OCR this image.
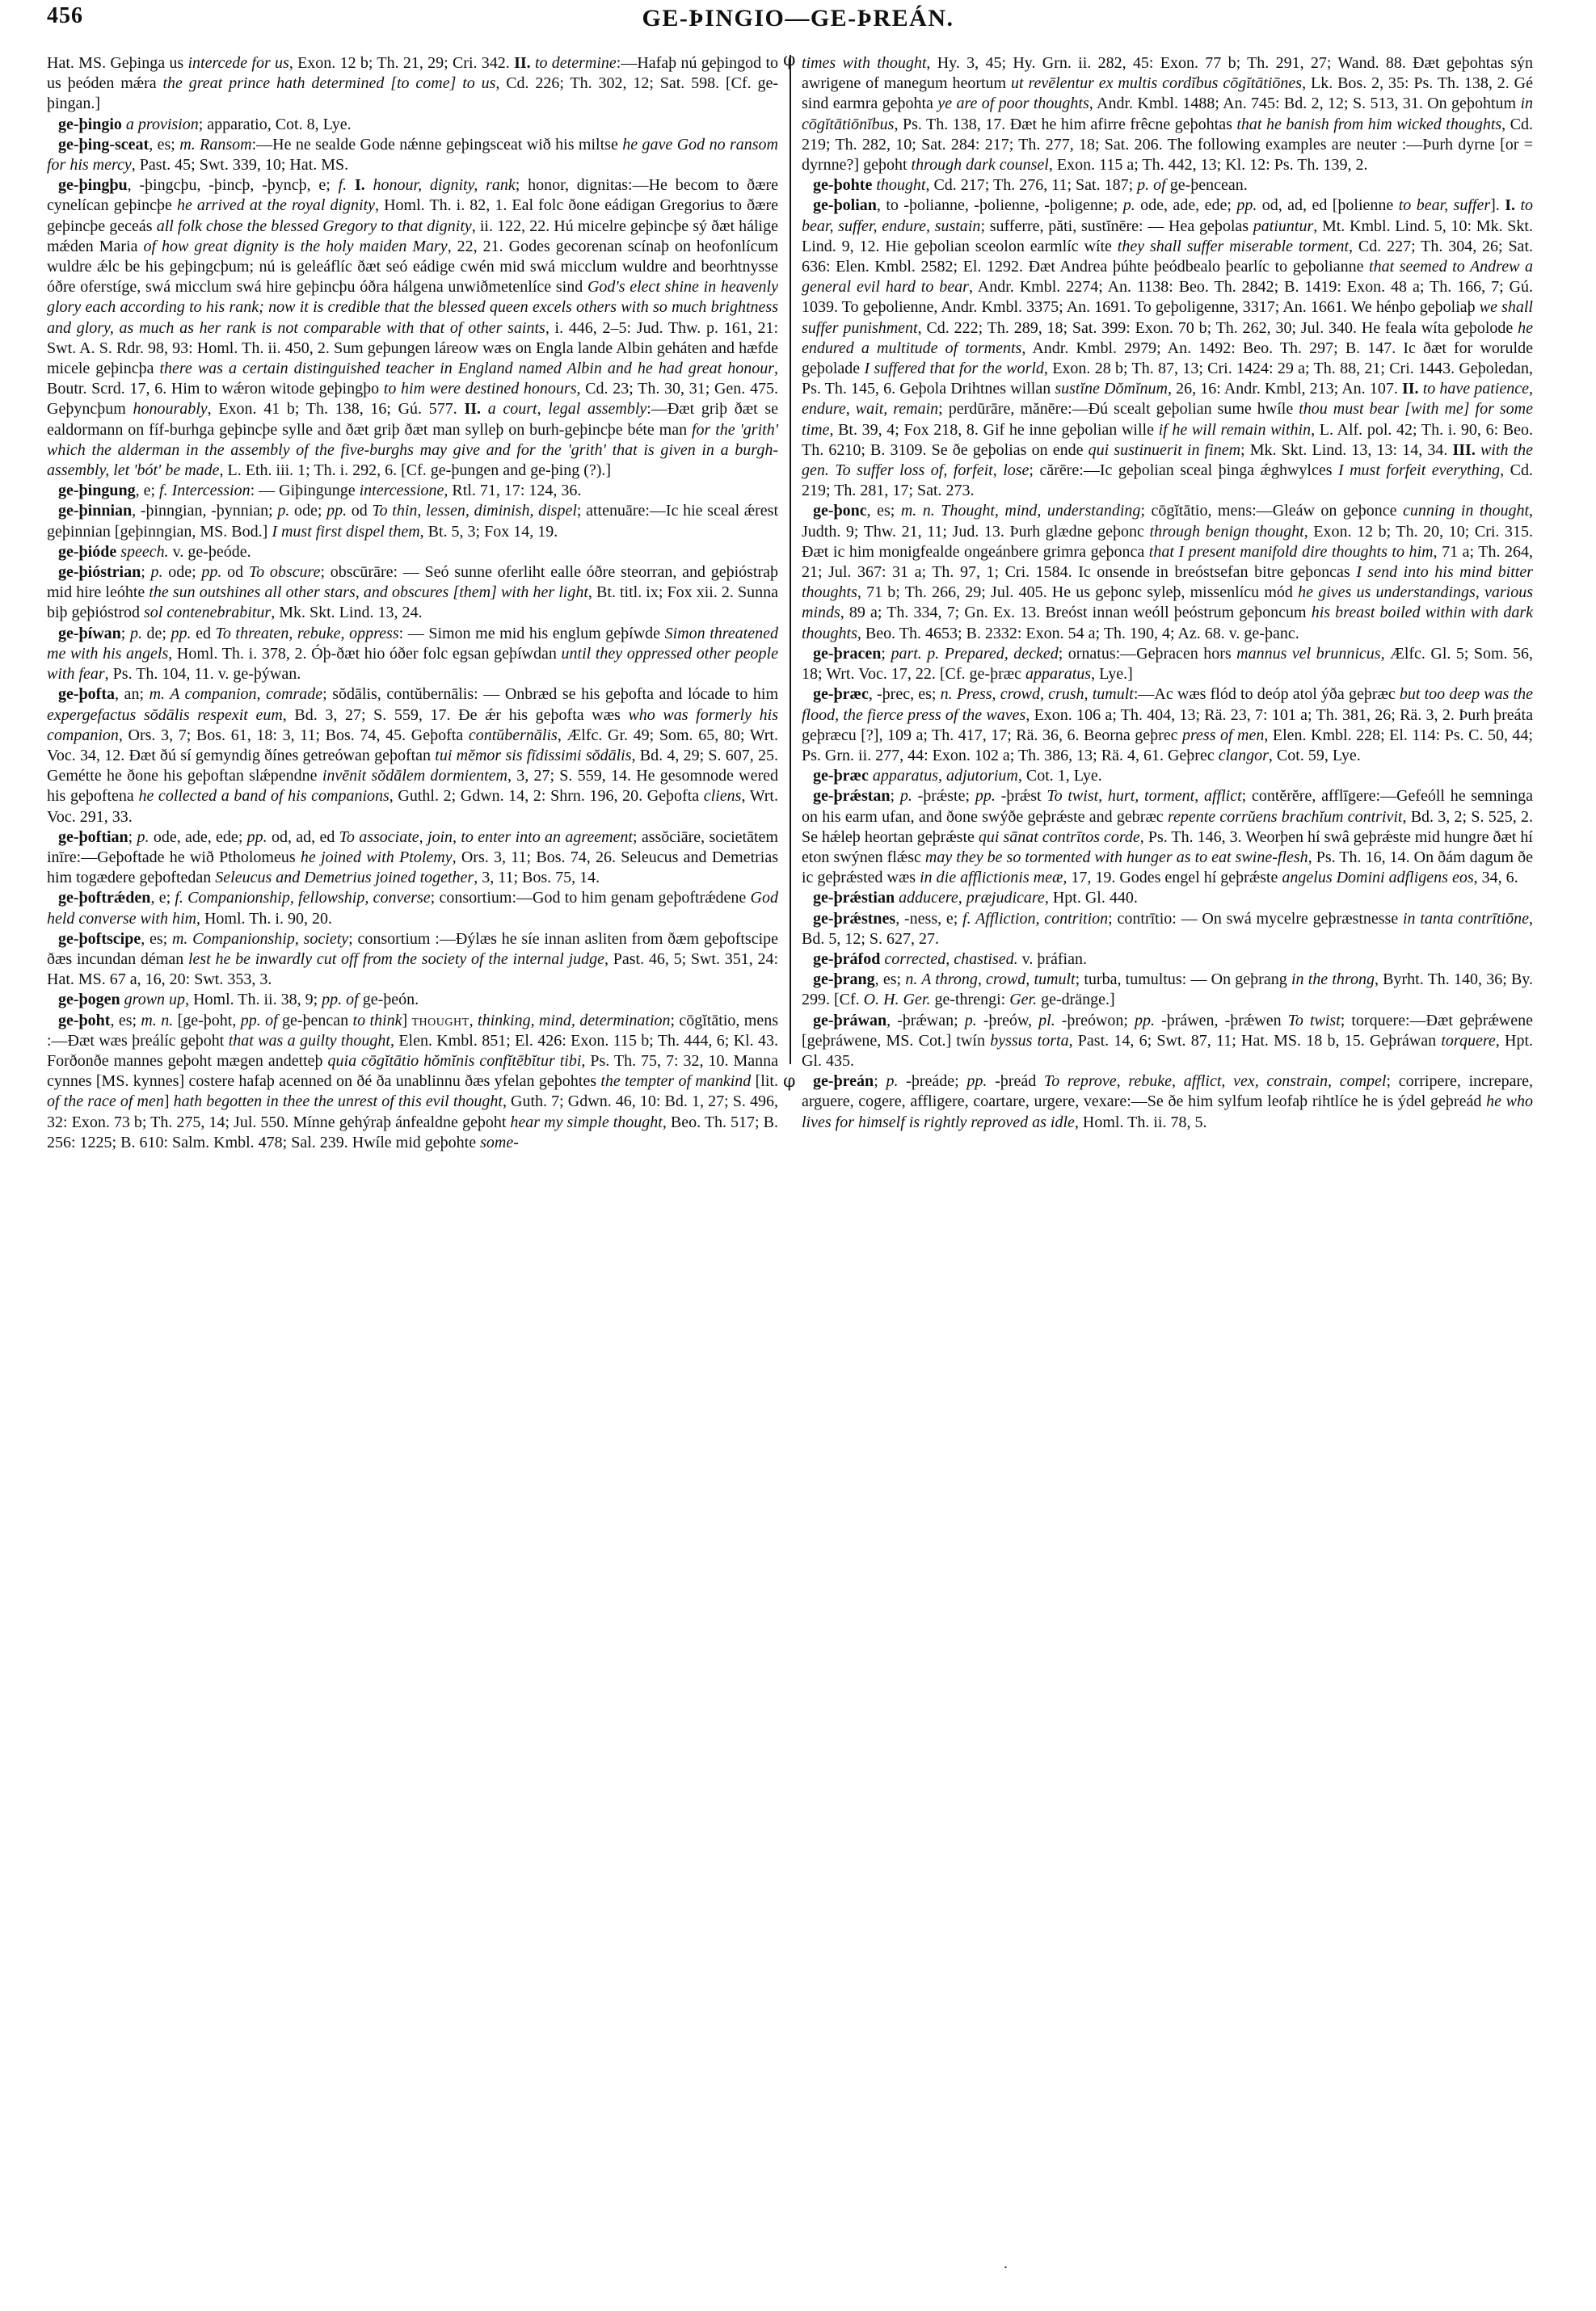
456	GE-ÞINGIO—GE-ÞREÁN.

Hat. MS. Geþinga us intercede for us, Exon. 12 b; Th. 21, 29; Cri. 342. II. to determine:—Hafaþ nú geþingod to us þeóden mǽra the great prince hath determined [to come] to us, Cd. 226; Th. 302, 12; Sat. 598. [Cf. ge-þingan.]

ge-þingio a provision; apparatio, Cot. 8, Lye.

ge-þing-sceat, es; m. Ransom:—He ne sealde Gode nǽnne geþingsceat wið his miltse he gave God no ransom for his mercy, Past. 45; Swt. 339, 10; Hat. MS.

ge-þingþu, -þingcþu, -þincþ, -þyncþ, e; f. I. honour, dignity, rank; honor, dignitas:—He becom to ðære cynelícan geþincþe he arrived at the royal dignity, Homl. Th. i. 82, 1. Eal folc ðone eádigan Gregorius to ðære geþincþe geceás all folk chose the blessed Gregory to that dignity, ii. 122, 22. Hú micelre geþincþe sý ðæt hálige mǽden Maria of how great dignity is the holy maiden Mary, 22, 21. Godes gecorenan scínaþ on heofonlícum wuldre ǽlc be his geþingcþum; nú is geleáflíc ðæt seó eádige cwén mid swá micclum wuldre and beorhtnysse óðre oferstíge, swá micclum swá hire geþincþu óðra hálgena unwiðmetenlíce sind God's elect shine in heavenly glory each according to his rank; now it is credible that the blessed queen excels others with so much brightness and glory, as much as her rank is not comparable with that of other saints, i. 446, 2–5: Jud. Thw. p. 161, 21: Swt. A. S. Rdr. 98, 93: Homl. Th. ii. 450, 2. Sum geþungen láreow wæs on Engla lande Albin geháten and hæfde micele geþincþa there was a certain distinguished teacher in England named Albin and he had great honour, Boutr. Scrd. 17, 6. Him to wǽron witode geþingþo to him were destined honours, Cd. 23; Th. 30, 31; Gen. 475. Geþyncþum honourably, Exon. 41 b; Th. 138, 16; Gú. 577. II. a court, legal assembly:—Ðæt griþ ðæt se ealdormann on fíf-burhga geþincþe sylle and ðæt griþ ðæt man sylleþ on burh-geþincþe béte man for the 'grith' which the alderman in the assembly of the five-burghs may give and for the 'grith' that is given in a burgh-assembly, let 'bót' be made, L. Eth. iii. 1; Th. i. 292, 6. [Cf. ge-þungen and ge-þing (?).]

ge-þingung, e; f. Intercession: — Giþingunge intercessione, Rtl. 71, 17: 124, 36.

ge-þinnian, -þinngian, -þynnian; p. ode; pp. od To thin, lessen, diminish, dispel; attenuāre:—Ic hie sceal ǽrest geþinnian [geþinngian, MS. Bod.] I must first dispel them, Bt. 5, 3; Fox 14, 19.

ge-þióde speech. v. ge-þeóde.

ge-þióstrian; p. ode; pp. od To obscure; obscūrāre: — Seó sunne oferliht ealle óðre steorran, and geþióstraþ mid hire leóhte the sun outshines all other stars, and obscures [them] with her light, Bt. titl. ix; Fox xii. 2. Sunna biþ geþióstrod sol contenebrabitur, Mk. Skt. Lind. 13, 24.

ge-þíwan; p. de; pp. ed To threaten, rebuke, oppress: — Simon me mid his englum geþíwde Simon threatened me with his angels, Homl. Th. i. 378, 2. Óþ-ðæt hio óðer folc egsan geþíwdan until they oppressed other people with fear, Ps. Th. 104, 11. v. ge-þýwan.

ge-þofta, an; m. A companion, comrade; sŏdālis, contŭbernālis: — Onbræd se his geþofta and lócade to him expergefactus sŏdālis respexit eum, Bd. 3, 27; S. 559, 17. Ðe ǽr his geþofta wæs who was formerly his companion, Ors. 3, 7; Bos. 61, 18: 3, 11; Bos. 74, 45. Geþofta contŭbernālis, Ælfc. Gr. 49; Som. 65, 80; Wrt. Voc. 34, 12. Ðæt ðú sí gemyndig ðínes getreówan geþoftan tui mĕmor sis fīdissimi sŏdālis, Bd. 4, 29; S. 607, 25. Gemétte he ðone his geþoftan slǽpendne invēnit sŏdālem dormientem, 3, 27; S. 559, 14. He gesomnode wered his geþoftena he collected a band of his companions, Guthl. 2; Gdwn. 14, 2: Shrn. 196, 20. Geþofta cliens, Wrt. Voc. 291, 33.

ge-þoftian; p. ode, ade, ede; pp. od, ad, ed To associate, join, to enter into an agreement; assŏciāre, societātem inīre:—Geþoftade he wið Ptholomeus he joined with Ptolemy, Ors. 3, 11; Bos. 74, 26. Seleucus and Demetrias him togædere geþoftedan Seleucus and Demetrius joined together, 3, 11; Bos. 75, 14.

ge-þoftrǽden, e; f. Companionship, fellowship, converse; consortium:—God to him genam geþoftrǽdene God held converse with him, Homl. Th. i. 90, 20.

ge-þoftscipe, es; m. Companionship, society; consortium :—Ðýlæs he síe innan asliten from ðæm geþoftscipe ðæs incundan déman lest he be inwardly cut off from the society of the internal judge, Past. 46, 5; Swt. 351, 24: Hat. MS. 67 a, 16, 20: Swt. 353, 3.

ge-þogen grown up, Homl. Th. ii. 38, 9; pp. of ge-þeón.

ge-þoht, es; m. n. [ge-þoht, pp. of ge-þencan to think] thought, thinking, mind, determination; cōgĭtātio, mens :—Ðæt wæs þreálíc geþoht that was a guilty thought, Elen. Kmbl. 851; El. 426: Exon. 115 b; Th. 444, 6; Kl. 43. Forðonðe mannes geþoht mægen andetteþ quia cōgĭtātio hŏmĭnis confĭtēbĭtur tibi, Ps. Th. 75, 7: 32, 10. Manna cynnes [MS. kynnes] costere hafaþ acenned on ðé ða unablinnu ðæs yfelan geþohtes the tempter of mankind [lit. of the race of men] hath begotten in thee the unrest of this evil thought, Guth. 7; Gdwn. 46, 10: Bd. 1, 27; S. 496, 32: Exon. 73 b; Th. 275, 14; Jul. 550. Mínne gehýraþ ánfealdne geþoht hear my simple thought, Beo. Th. 517; B. 256: 1225; B. 610: Salm. Kmbl. 478; Sal. 239. Hwíle mid geþohte some-

φ
φ

times with thought, Hy. 3, 45; Hy. Grn. ii. 282, 45: Exon. 77 b; Th. 291, 27; Wand. 88. Ðæt geþohtas sýn awrigene of manegum heortum ut revēlentur ex multis cordĭbus cōgĭtātiōnes, Lk. Bos. 2, 35: Ps. Th. 138, 2. Gé sind earmra geþohta ye are of poor thoughts, Andr. Kmbl. 1488; An. 745: Bd. 2, 12; S. 513, 31. On geþohtum in cōgĭtātiōnĭbus, Ps. Th. 138, 17. Ðæt he him afirre frêcne geþohtas that he banish from him wicked thoughts, Cd. 219; Th. 282, 10; Sat. 284: 217; Th. 277, 18; Sat. 206. The following examples are neuter :—Þurh dyrne [or = dyrnne?] geþoht through dark counsel, Exon. 115 a; Th. 442, 13; Kl. 12: Ps. Th. 139, 2.

ge-þohte thought, Cd. 217; Th. 276, 11; Sat. 187; p. of ge-þencean.

ge-þolian, to -þolianne, -þolienne, -þoligenne; p. ode, ade, ede; pp. od, ad, ed [þolienne to bear, suffer]. I. to bear, suffer, endure, sustain; sufferre, păti, sustĭnēre: — Hea geþolas patiuntur, Mt. Kmbl. Lind. 5, 10: Mk. Skt. Lind. 9, 12. Hie geþolian sceolon earmlíc wíte they shall suffer miserable torment, Cd. 227; Th. 304, 26; Sat. 636: Elen. Kmbl. 2582; El. 1292. Ðæt Andrea þúhte þeódbealo þearlíc to geþolianne that seemed to Andrew a general evil hard to bear, Andr. Kmbl. 2274; An. 1138: Beo. Th. 2842; B. 1419: Exon. 48 a; Th. 166, 7; Gú. 1039. To geþolienne, Andr. Kmbl. 3375; An. 1691. To geþoligenne, 3317; An. 1661. We hénþo geþoliaþ we shall suffer punishment, Cd. 222; Th. 289, 18; Sat. 399: Exon. 70 b; Th. 262, 30; Jul. 340. He feala wíta geþolode he endured a multitude of torments, Andr. Kmbl. 2979; An. 1492: Beo. Th. 297; B. 147. Ic ðæt for worulde geþolade I suffered that for the world, Exon. 28 b; Th. 87, 13; Cri. 1424: 29 a; Th. 88, 21; Cri. 1443. Geþoledan, Ps. Th. 145, 6. Geþola Drihtnes willan sustĭne Dŏmĭnum, 26, 16: Andr. Kmbl, 213; An. 107. II. to have patience, endure, wait, remain; perdūrāre, mănēre:—Ðú scealt geþolian sume hwíle thou must bear [with me] for some time, Bt. 39, 4; Fox 218, 8. Gif he inne geþolian wille if he will remain within, L. Alf. pol. 42; Th. i. 90, 6: Beo. Th. 6210; B. 3109. Se ðe geþolias on ende qui sustinuerit in finem; Mk. Skt. Lind. 13, 13: 14, 34. III. with the gen. To suffer loss of, forfeit, lose; cărēre:—Ic geþolian sceal þinga ǽghwylces I must forfeit everything, Cd. 219; Th. 281, 17; Sat. 273.

ge-þonc, es; m. n. Thought, mind, understanding; cōgĭtātio, mens:—Gleáw on geþonce cunning in thought, Judth. 9; Thw. 21, 11; Jud. 13. Þurh glædne geþonc through benign thought, Exon. 12 b; Th. 20, 10; Cri. 315. Ðæt ic him monigfealde ongeánbere grimra geþonca that I present manifold dire thoughts to him, 71 a; Th. 264, 21; Jul. 367: 31 a; Th. 97, 1; Cri. 1584. Ic onsende in breóstsefan bitre geþoncas I send into his mind bitter thoughts, 71 b; Th. 266, 29; Jul. 405. He us geþonc syleþ, missenlícu mód he gives us understandings, various minds, 89 a; Th. 334, 7; Gn. Ex. 13. Breóst innan weóll þeóstrum geþoncum his breast boiled within with dark thoughts, Beo. Th. 4653; B. 2332: Exon. 54 a; Th. 190, 4; Az. 68. v. ge-þanc.

ge-þracen; part. p. Prepared, decked; ornatus:—Geþracen hors mannus vel brunnicus, Ælfc. Gl. 5; Som. 56, 18; Wrt. Voc. 17, 22. [Cf. ge-þræc apparatus, Lye.]

ge-þræc, -þrec, es; n. Press, crowd, crush, tumult:—Ac wæs flód to deóp atol ýða geþræc but too deep was the flood, the fierce press of the waves, Exon. 106 a; Th. 404, 13; Rä. 23, 7: 101 a; Th. 381, 26; Rä. 3, 2. Þurh þreáta geþræcu [?], 109 a; Th. 417, 17; Rä. 36, 6. Beorna geþrec press of men, Elen. Kmbl. 228; El. 114: Ps. C. 50, 44; Ps. Grn. ii. 277, 44: Exon. 102 a; Th. 386, 13; Rä. 4, 61. Geþrec clangor, Cot. 59, Lye.

ge-þræc apparatus, adjutorium, Cot. 1, Lye.

ge-þrǽstan; p. -þrǽste; pp. -þrǽst To twist, hurt, torment, afflict; contĕrĕre, afflīgere:—Gefeóll he semninga on his earm ufan, and ðone swýðe geþrǽste and gebræc repente corrŭens brachĭum contrivit, Bd. 3, 2; S. 525, 2. Se hǽleþ heortan geþrǽste qui sānat contrītos corde, Ps. Th. 146, 3. Weorþen hí swâ geþrǽste mid hungre ðæt hí eton swýnen flǽsc may they be so tormented with hunger as to eat swine-flesh, Ps. Th. 16, 14. On ðám dagum ðe ic geþrǽsted wæs in die afflictionis meæ, 17, 19. Godes engel hí geþrǽste angelus Domini adfligens eos, 34, 6.

ge-þrǽstian adducere, præjudicare, Hpt. Gl. 440.

ge-þrǽstnes, -ness, e; f. Affliction, contrition; contrītio: — On swá mycelre geþræstnesse in tanta contrītiōne, Bd. 5, 12; S. 627, 27.

ge-þráfod corrected, chastised. v. þráfian.

ge-þrang, es; n. A throng, crowd, tumult; turba, tumultus: — On geþrang in the throng, Byrht. Th. 140, 36; By. 299. [Cf. O. H. Ger. ge-threngi: Ger. ge-dränge.]

ge-þráwan, -þrǽwan; p. -þreów, pl. -þreówon; pp. -þráwen, -þrǽwen To twist; torquere:—Ðæt geþrǽwene [geþráwene, MS. Cot.] twín byssus torta, Past. 14, 6; Swt. 87, 11; Hat. MS. 18 b, 15. Geþráwan torquere, Hpt. Gl. 435.

ge-þreán; p. -þreáde; pp. -þreád To reprove, rebuke, afflict, vex, constrain, compel; corripere, increpare, arguere, cogere, affligere, coartare, urgere, vexare:—Se ðe him sylfum leofaþ rihtlíce he is ýdel geþreád he who lives for himself is rightly reproved as idle, Homl. Th. ii. 78, 5.

.
